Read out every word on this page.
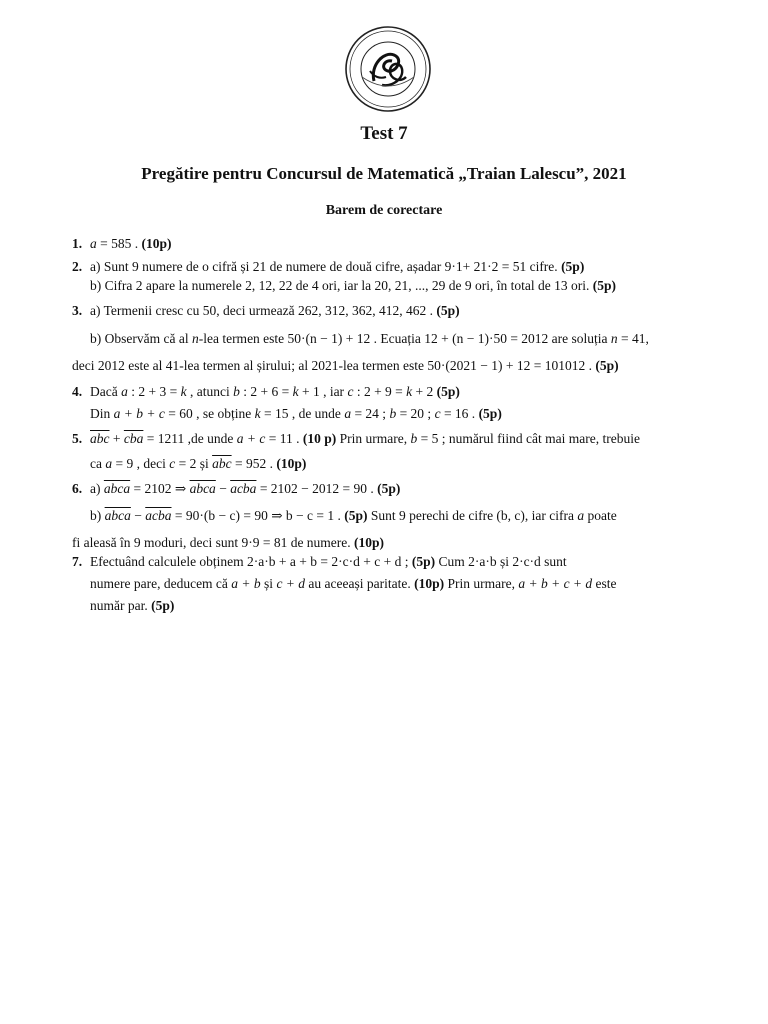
Test 7
Pregătire pentru Concursul de Matematică „Traian Lalescu”, 2021
Barem de corectare
1. a = 585 . (10p)
2. a) Sunt 9 numere de o cifră și 21 de numere de două cifre, așadar 9·1+ 21·2 = 51 cifre. (5p)
b) Cifra 2 apare la numerele 2, 12, 22 de 4 ori, iar la 20, 21, ..., 29 de 9 ori, în total de 13 ori. (5p)
3. a) Termenii cresc cu 50, deci urmează 262, 312, 362, 412, 462 . (5p)
b) Observăm că al n-lea termen este 50·(n − 1) + 12 . Ecuația 12 + (n − 1)·50 = 2012 are soluția n = 41,
deci 2012 este al 41-lea termen al șirului; al 2021-lea termen este 50·(2021 − 1) + 12 = 101012 . (5p)
4. Dacă a : 2 + 3 = k , atunci b : 2 + 6 = k + 1 , iar c : 2 + 9 = k + 2 (5p)
Din a + b + c = 60 , se obține k = 15 , de unde a = 24 ; b = 20 ; c = 16 . (5p)
5. $\overline{abc} + \overline{cba} = 1211$ ,de unde a + c = 11 . (10 p) Prin urmare, b = 5 ; numărul fiind cât mai mare, trebuie
ca a = 9 , deci c = 2 și $\overline{abc} = 952$ . (10p)
6. a) abca = 2102 ⇒ abca − acba = 2102 − 2012 = 90 . (5p)
b) abca − acba = 90·(b − c) = 90 ⇒ b − c = 1 . (5p) Sunt 9 perechi de cifre (b, c), iar cifra a poate
fi aleasă în 9 moduri, deci sunt 9·9 = 81 de numere. (10p)
7. Efectuând calculele obținem 2·a·b + a + b = 2·c·d + c + d ; (5p) Cum 2·a·b și 2·c·d sunt
numere pare, deducem că a + b și c + d au aceeași paritate. (10p) Prin urmare, a + b + c + d este
număr par. (5p)
